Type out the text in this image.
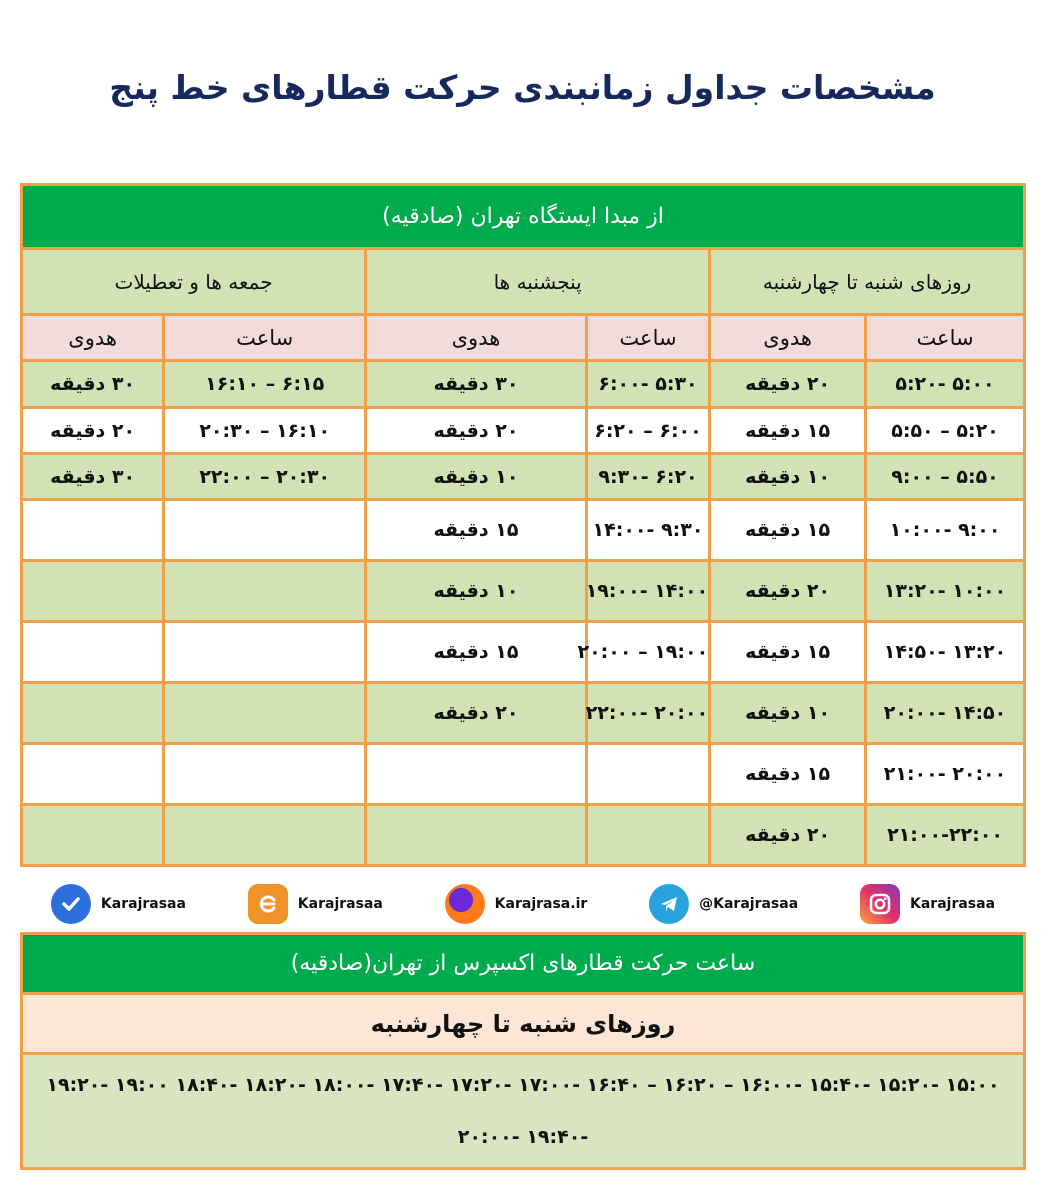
مشخصات جداول زمانبندی حرکت قطارهای خط پنج
از مبدا ایستگاه تهران (صادقیه)					
روزهای شنبه تا چهارشنبه		پنجشنبه ها		جمعه ها و تعطیلات	
ساعت	هدوی	ساعت	هدوی	ساعت	هدوی
۵:۰۰ -۵:۲۰	۲۰ دقیقه	۵:۳۰ -۶:۰۰	۳۰ دقیقه	۶:۱۵ – ۱۶:۱۰	۳۰ دقیقه
۵:۲۰ – ۵:۵۰	۱۵ دقیقه	۶:۰۰ – ۶:۲۰	۲۰ دقیقه	۱۶:۱۰ – ۲۰:۳۰	۲۰ دقیقه
۵:۵۰ – ۹:۰۰	۱۰ دقیقه	۶:۲۰ -۹:۳۰	۱۰ دقیقه	۲۰:۳۰ – ۲۲:۰۰	۳۰ دقیقه
۹:۰۰ -۱۰:۰۰	۱۵ دقیقه	۹:۳۰ -۱۴:۰۰	۱۵ دقیقه		
۱۰:۰۰ -۱۳:۲۰	۲۰ دقیقه	۱۴:۰۰ -۱۹:۰۰	۱۰ دقیقه		
۱۳:۲۰ -۱۴:۵۰	۱۵ دقیقه	۱۹:۰۰ – ۲۰:۰۰	۱۵ دقیقه		
۱۴:۵۰ -۲۰:۰۰	۱۰ دقیقه	۲۰:۰۰ -۲۲:۰۰	۲۰ دقیقه		
۲۰:۰۰ -۲۱:۰۰	۱۵ دقیقه				
۲۱:۰۰-۲۲:۰۰	۲۰ دقیقه				
Karajrasaa	Karajrasaa	Karajrasa.ir	@Karajrasaa	Karajrasaa
ساعت حرکت قطارهای اکسپرس از تهران(صادقیه)
روزهای شنبه تا چهارشنبه
۱۵:۰۰ -۱۵:۲۰ -۱۵:۴۰ -۱۶:۰۰ – ۱۶:۲۰ – ۱۶:۴۰ -۱۷:۰۰ -۱۷:۲۰ -۱۷:۴۰ -۱۸:۰۰ -۱۸:۲۰ -۱۸:۴۰ ۱۹:۰۰ -۱۹:۲۰ -۱۹:۴۰ -۲۰:۰۰
